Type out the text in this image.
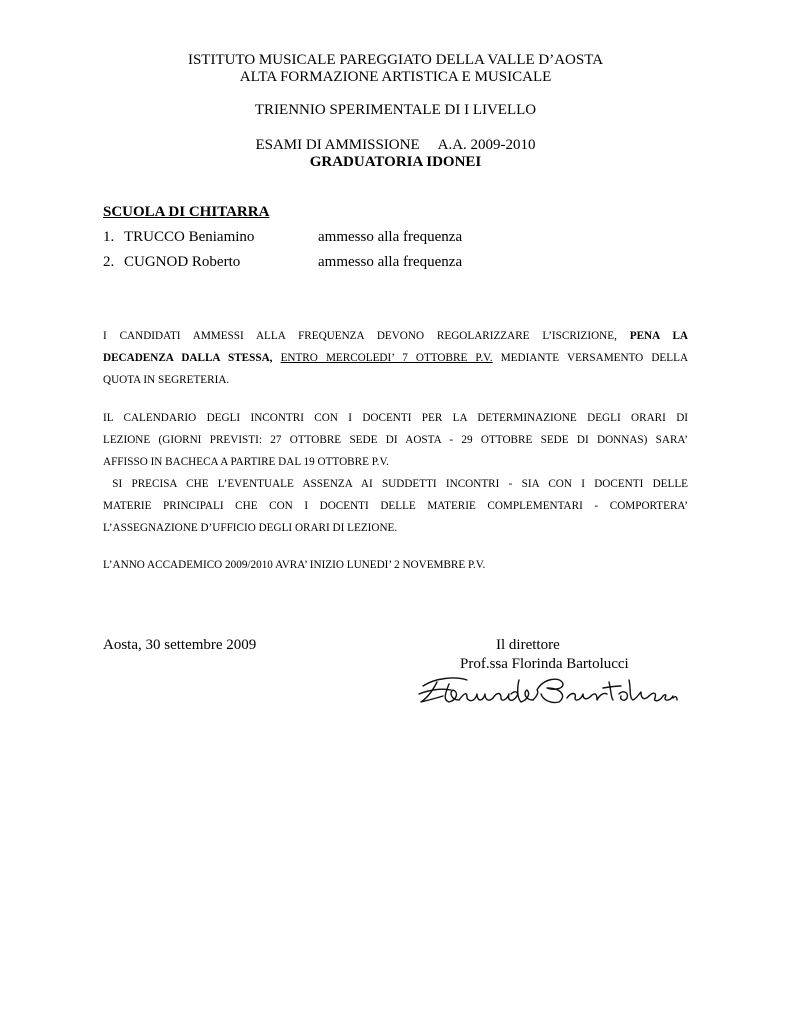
ISTITUTO MUSICALE PAREGGIATO DELLA VALLE D’AOSTA
ALTA FORMAZIONE ARTISTICA E MUSICALE
TRIENNIO SPERIMENTALE DI I LIVELLO
ESAMI DI AMMISSIONE A.A. 2009-2010
GRADUATORIA IDONEI
SCUOLA DI CHITARRA
1. TRUCCO Beniamino	ammesso alla frequenza
2. CUGNOD Roberto	ammesso alla frequenza
I CANDIDATI AMMESSI ALLA FREQUENZA DEVONO REGOLARIZZARE L’ISCRIZIONE, PENA LA
DECADENZA DALLA STESSA, ENTRO MERCOLEDI’ 7 OTTOBRE P.V. MEDIANTE VERSAMENTO DELLA
QUOTA IN SEGRETERIA.
IL CALENDARIO DEGLI INCONTRI CON I DOCENTI PER LA DETERMINAZIONE DEGLI ORARI DI
LEZIONE (GIORNI PREVISTI: 27 OTTOBRE SEDE DI AOSTA - 29 OTTOBRE SEDE DI DONNAS) SARA’
AFFISSO IN BACHECA A PARTIRE DAL 19 OTTOBRE P.V.
SI PRECISA CHE L’EVENTUALE ASSENZA AI SUDDETTI INCONTRI - SIA CON I DOCENTI DELLE
MATERIE PRINCIPALI CHE CON I DOCENTI DELLE MATERIE COMPLEMENTARI - COMPORTERA’
L’ASSEGNAZIONE D’UFFICIO DEGLI ORARI DI LEZIONE.
L’ANNO ACCADEMICO 2009/2010 AVRA’ INIZIO LUNEDI’ 2 NOVEMBRE P.V.
Aosta, 30 settembre 2009	Il direttore
Prof.ssa Florinda Bartolucci
